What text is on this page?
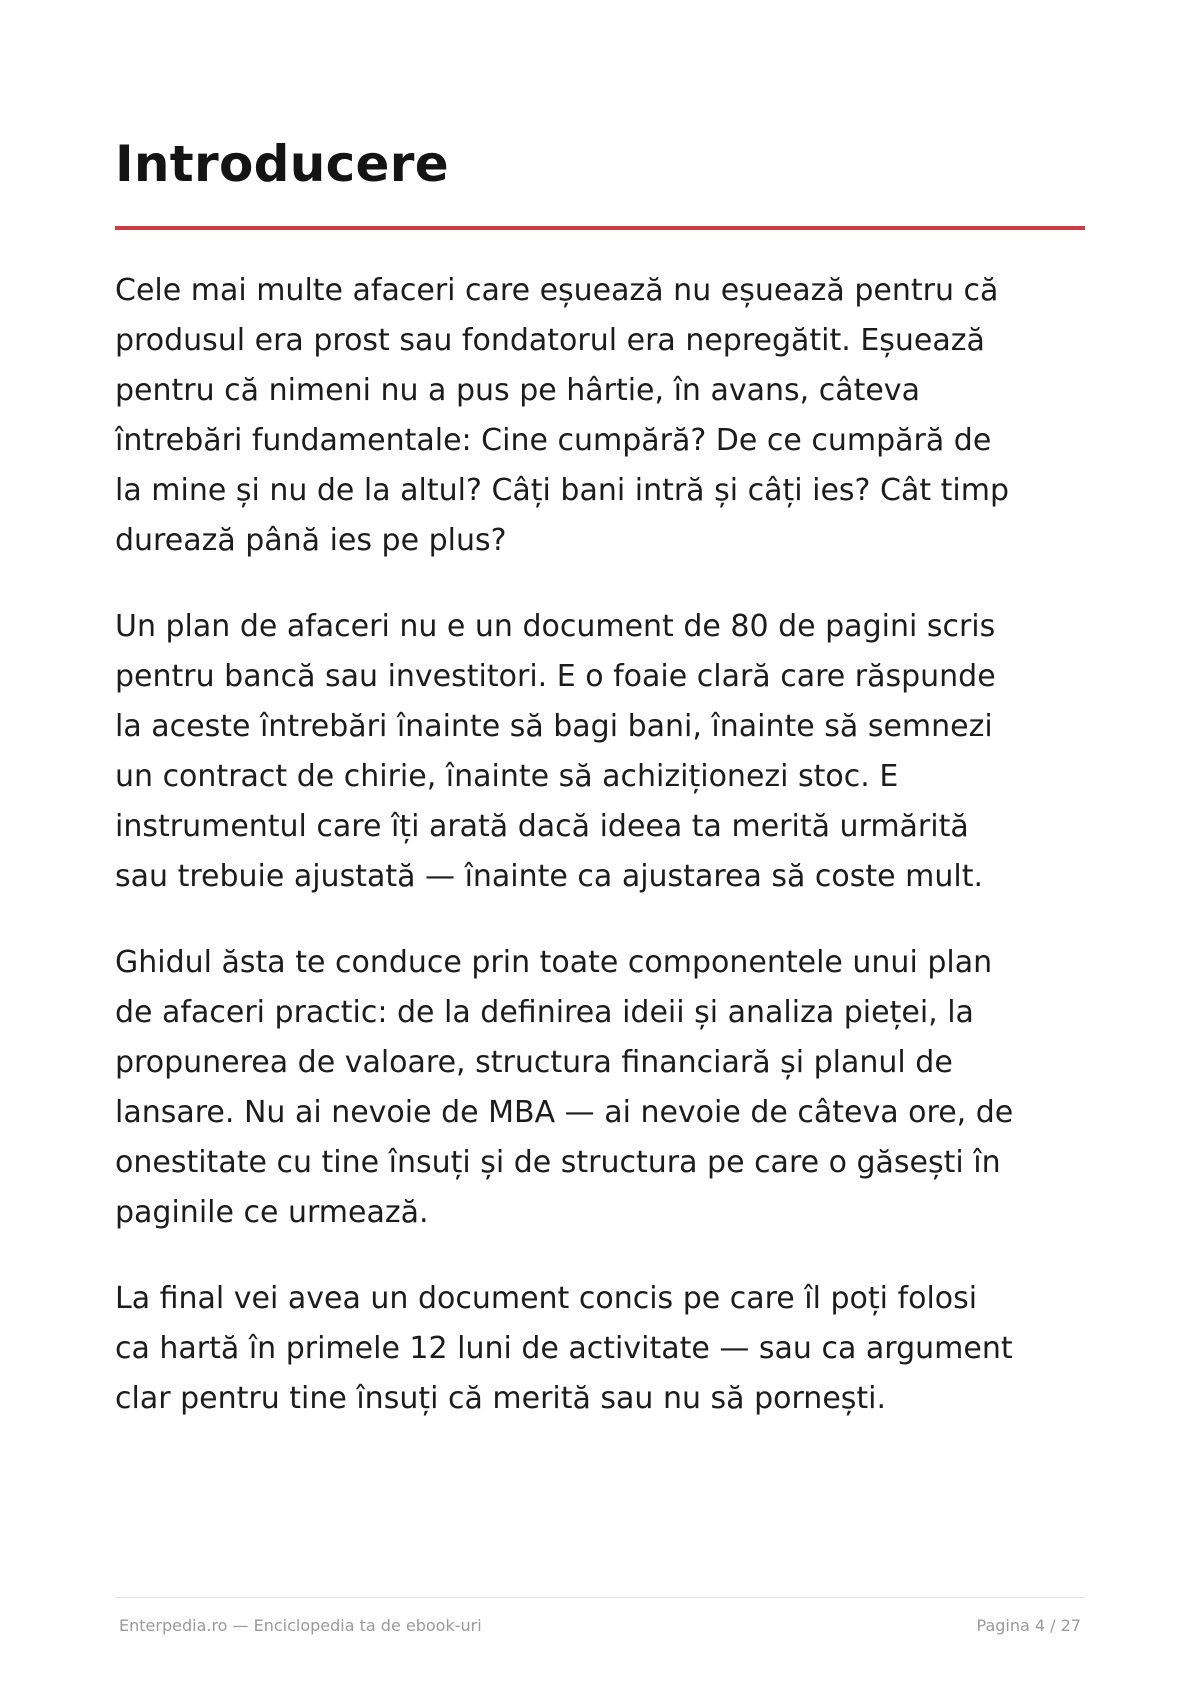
Introducere

Cele mai multe afaceri care eșuează nu eșuează pentru că
produsul era prost sau fondatorul era nepregătit. Eșuează
pentru că nimeni nu a pus pe hârtie, în avans, câteva
întrebări fundamentale: Cine cumpără? De ce cumpără de
la mine și nu de la altul? Câți bani intră și câți ies? Cât timp
durează până ies pe plus?

Un plan de afaceri nu e un document de 80 de pagini scris
pentru bancă sau investitori. E o foaie clară care răspunde
la aceste întrebări înainte să bagi bani, înainte să semnezi
un contract de chirie, înainte să achiziționezi stoc. E
instrumentul care îți arată dacă ideea ta merită urmărită
sau trebuie ajustată — înainte ca ajustarea să coste mult.

Ghidul ăsta te conduce prin toate componentele unui plan
de afaceri practic: de la definirea ideii și analiza pieței, la
propunerea de valoare, structura financiară și planul de
lansare. Nu ai nevoie de MBA — ai nevoie de câteva ore, de
onestitate cu tine însuți și de structura pe care o găsești în
paginile ce urmează.

La final vei avea un document concis pe care îl poți folosi
ca hartă în primele 12 luni de activitate — sau ca argument
clar pentru tine însuți că merită sau nu să pornești.

Enterpedia.ro — Enciclopedia ta de ebook-uri	Pagina 4 / 27
